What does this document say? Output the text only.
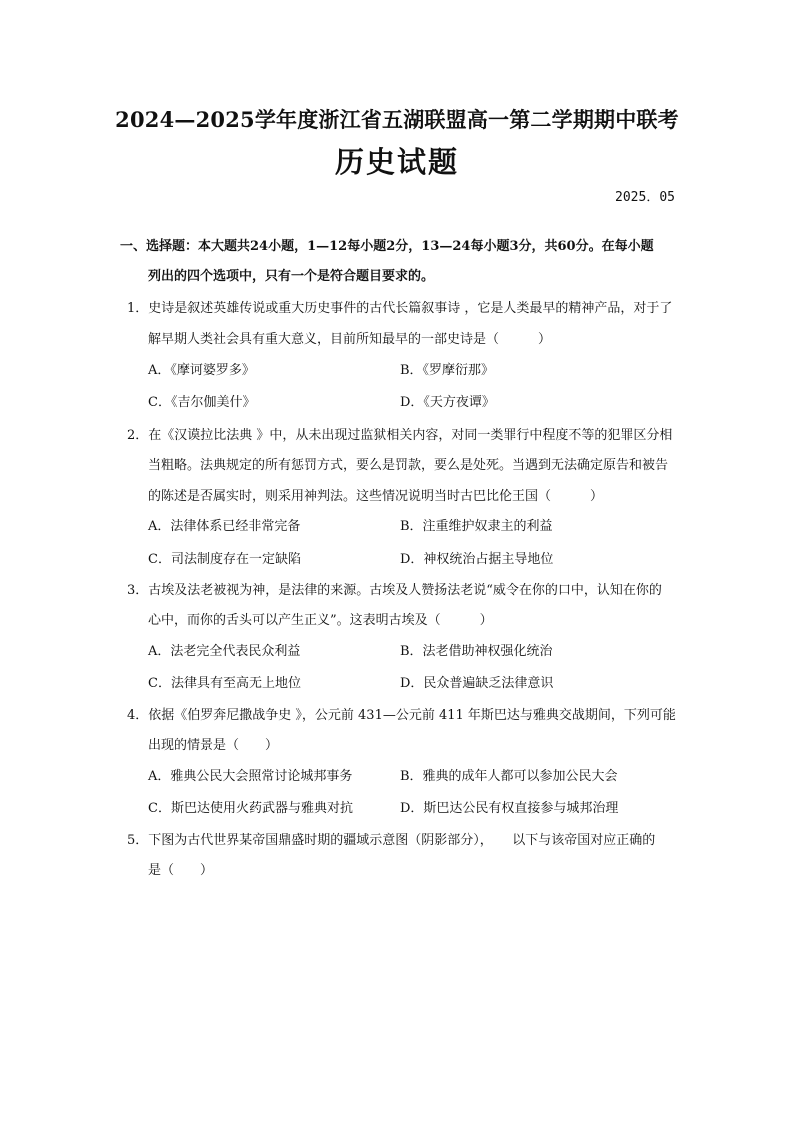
2024—2025学年度浙江省五湖联盟高一第二学期期中联考
历史试题
2025．05
一、选择题：本大题共24小题，1—12每小题2分，13—24每小题3分，共60分。在每小题
列出的四个选项中，只有一个是符合题目要求的。
1．史诗是叙述英雄传说或重大历史事件的古代长篇叙事诗 ，它是人类最早的精神产品，对于了
解早期人类社会具有重大意义，目前所知最早的一部史诗是（　　　）
A．《摩诃婆罗多》	B．《罗摩衍那》
C．《吉尔伽美什》	D．《天方夜谭》
2．在《汉谟拉比法典 》中，从未出现过监狱相关内容，对同一类罪行中程度不等的犯罪区分相
当粗略。法典规定的所有惩罚方式，要么是罚款，要么是处死。当遇到无法确定原告和被告
的陈述是否属实时，则采用神判法。这些情况说明当时古巴比伦王国（　　　）
A．法律体系已经非常完备	B．注重维护奴隶主的利益
C．司法制度存在一定缺陷	D．神权统治占据主导地位
3．古埃及法老被视为神，是法律的来源。古埃及人赞扬法老说“威令在你的口中，认知在你的
心中，而你的舌头可以产生正义”。这表明古埃及（　　　）
A．法老完全代表民众利益	B．法老借助神权强化统治
C．法律具有至高无上地位	D．民众普遍缺乏法律意识
4．依据《伯罗奔尼撒战争史 》，公元前 431—公元前 411 年斯巴达与雅典交战期间，下列可能
出现的情景是（　　）
A．雅典公民大会照常讨论城邦事务	B．雅典的成年人都可以参加公民大会
C．斯巴达使用火药武器与雅典对抗	D．斯巴达公民有权直接参与城邦治理
5．下图为古代世界某帝国鼎盛时期的疆域示意图（阴影部分），　　以下与该帝国对应正确的
是（　　）
